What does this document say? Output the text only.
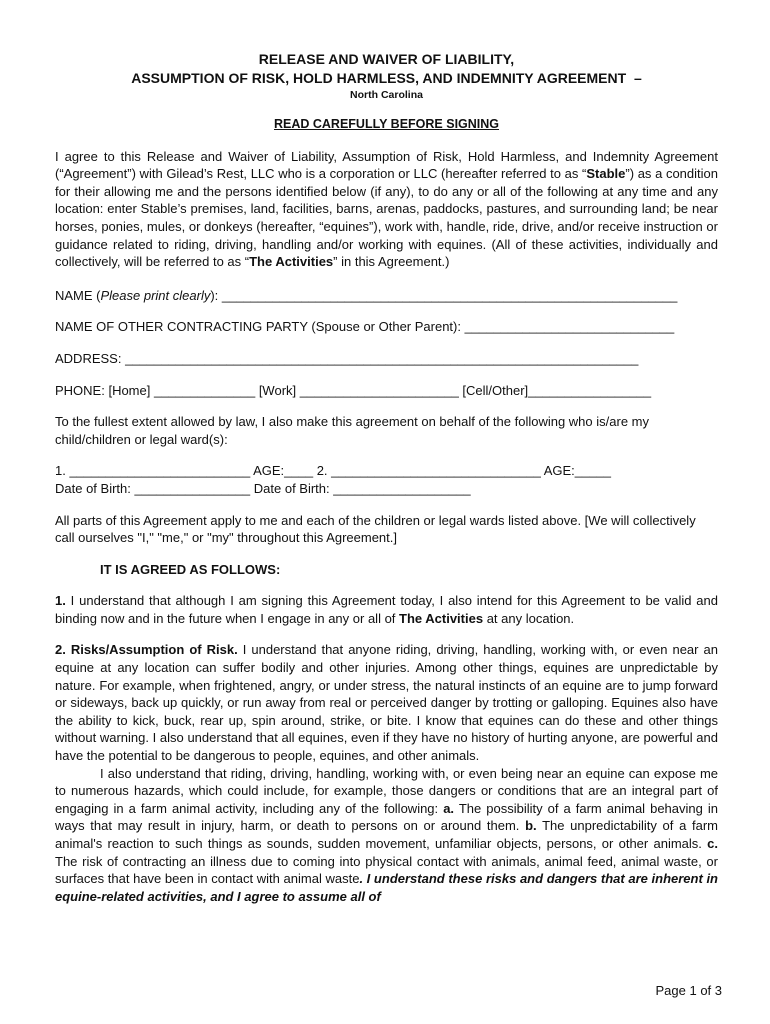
RELEASE AND WAIVER OF LIABILITY,
ASSUMPTION OF RISK, HOLD HARMLESS, AND INDEMNITY AGREEMENT –
North Carolina
READ CAREFULLY BEFORE SIGNING

I agree to this Release and Waiver of Liability, Assumption of Risk, Hold Harmless, and Indemnity Agreement (“Agreement”) with Gilead’s Rest, LLC who is a corporation or LLC (hereafter referred to as “Stable”) as a condition for their allowing me and the persons identified below (if any), to do any or all of the following at any time and any location: enter Stable’s premises, land, facilities, barns, arenas, paddocks, pastures, and surrounding land; be near horses, ponies, mules, or donkeys (hereafter, “equines”), work with, handle, ride, drive, and/or receive instruction or guidance related to riding, driving, handling and/or working with equines. (All of these activities, individually and collectively, will be referred to as “The Activities” in this Agreement.)

NAME (Please print clearly): _______________________________________________________________
NAME OF OTHER CONTRACTING PARTY (Spouse or Other Parent): _____________________________
ADDRESS: _______________________________________________________________________
PHONE: [Home] ______________ [Work] ______________________ [Cell/Other]_________________

To the fullest extent allowed by law, I also make this agreement on behalf of the following who is/are my child/children or legal ward(s):

1. _________________________ AGE:____ 2. _____________________________ AGE:_____
Date of Birth: ________________ Date of Birth: ___________________

All parts of this Agreement apply to me and each of the children or legal wards listed above. [We will collectively call ourselves "I," "me," or "my" throughout this Agreement.]

IT IS AGREED AS FOLLOWS:

1. I understand that although I am signing this Agreement today, I also intend for this Agreement to be valid and binding now and in the future when I engage in any or all of The Activities at any location.

2. Risks/Assumption of Risk. I understand that anyone riding, driving, handling, working with, or even near an equine at any location can suffer bodily and other injuries. Among other things, equines are unpredictable by nature. For example, when frightened, angry, or under stress, the natural instincts of an equine are to jump forward or sideways, back up quickly, or run away from real or perceived danger by trotting or galloping. Equines also have the ability to kick, buck, rear up, spin around, strike, or bite. I know that equines can do these and other things without warning. I also understand that all equines, even if they have no history of hurting anyone, are powerful and have the potential to be dangerous to people, equines, and other animals.

I also understand that riding, driving, handling, working with, or even being near an equine can expose me to numerous hazards, which could include, for example, those dangers or conditions that are an integral part of engaging in a farm animal activity, including any of the following: a. The possibility of a farm animal behaving in ways that may result in injury, harm, or death to persons on or around them. b. The unpredictability of a farm animal's reaction to such things as sounds, sudden movement, unfamiliar objects, persons, or other animals. c. The risk of contracting an illness due to coming into physical contact with animals, animal feed, animal waste, or surfaces that have been in contact with animal waste. I understand these risks and dangers that are inherent in equine-related activities, and I agree to assume all of

Page 1 of 3
